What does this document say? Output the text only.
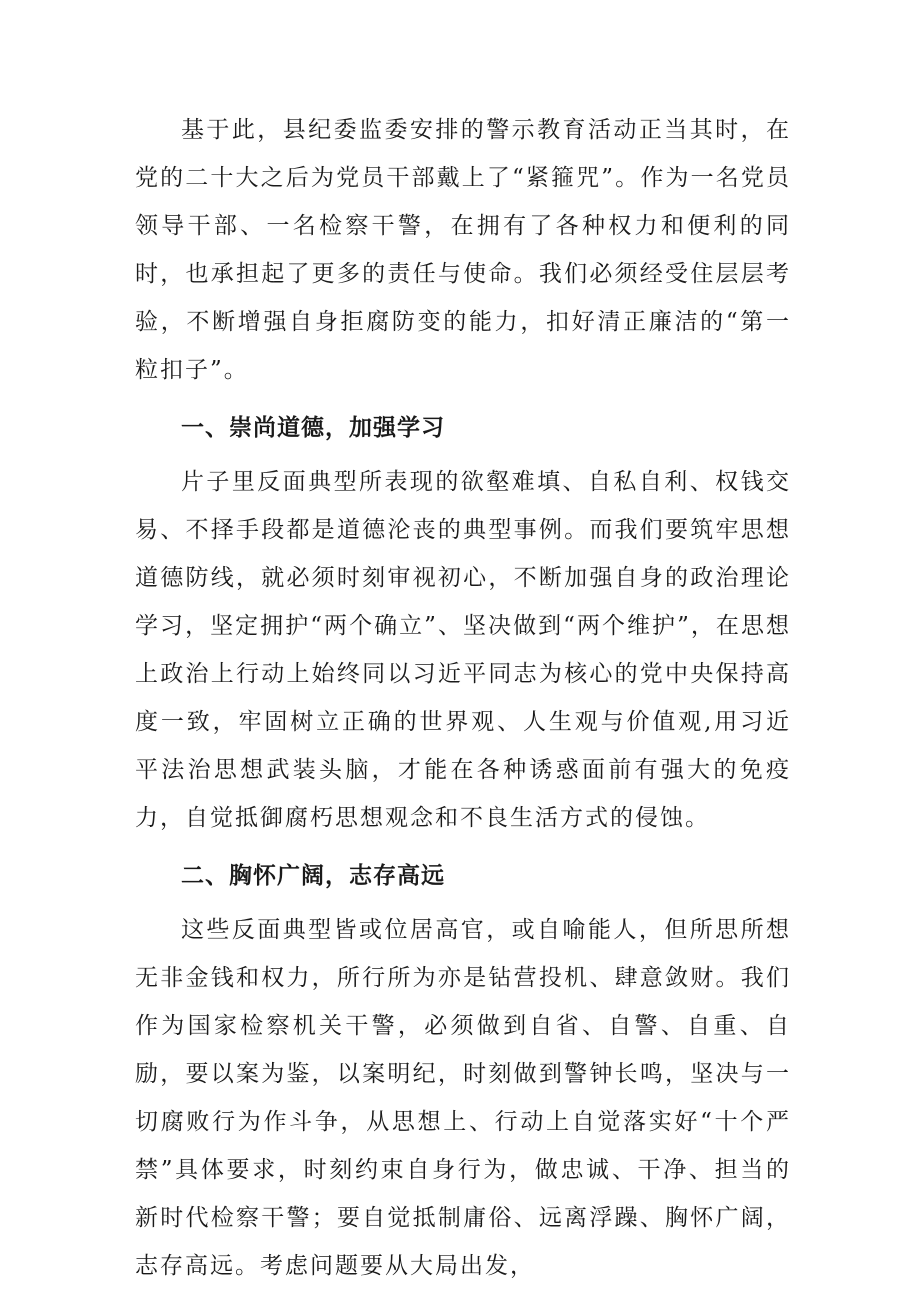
基于此，县纪委监委安排的警示教育活动正当其时，在党的二十大之后为党员干部戴上了“紧箍咒”。作为一名党员领导干部、一名检察干警，在拥有了各种权力和便利的同时，也承担起了更多的责任与使命。我们必须经受住层层考验，不断增强自身拒腐防变的能力，扣好清正廉洁的“第一粒扣子”。

一、崇尚道德，加强学习

片子里反面典型所表现的欲壑难填、自私自利、权钱交易、不择手段都是道德沦丧的典型事例。而我们要筑牢思想道德防线，就必须时刻审视初心，不断加强自身的政治理论学习，坚定拥护“两个确立”、坚决做到“两个维护”，在思想上政治上行动上始终同以习近平同志为核心的党中央保持高度一致，牢固树立正确的世界观、人生观与价值观,用习近平法治思想武装头脑，才能在各种诱惑面前有强大的免疫力，自觉抵御腐朽思想观念和不良生活方式的侵蚀。

二、胸怀广阔，志存高远

这些反面典型皆或位居高官，或自喻能人，但所思所想无非金钱和权力，所行所为亦是钻营投机、肆意敛财。我们作为国家检察机关干警，必须做到自省、自警、自重、自励，要以案为鉴，以案明纪，时刻做到警钟长鸣，坚决与一切腐败行为作斗争，从思想上、行动上自觉落实好“十个严禁”具体要求，时刻约束自身行为，做忠诚、干净、担当的新时代检察干警；要自觉抵制庸俗、远离浮躁、胸怀广阔，志存高远。考虑问题要从大局出发，
